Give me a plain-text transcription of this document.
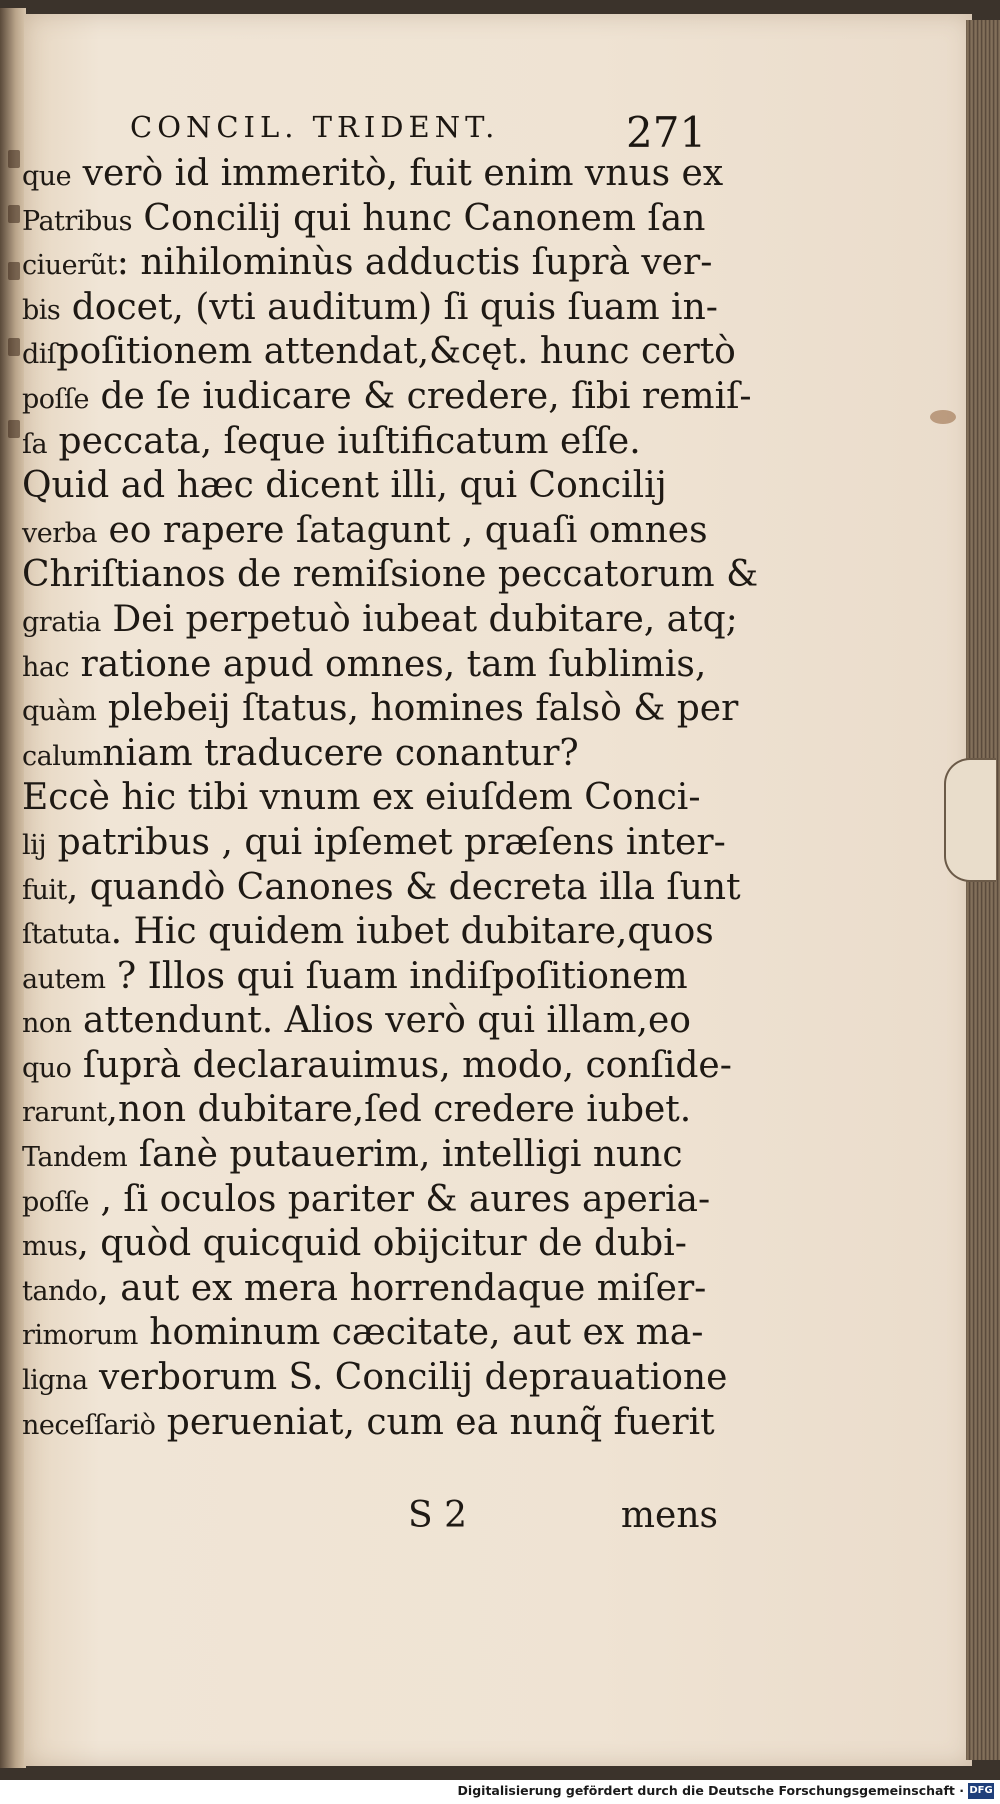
CONCIL. TRIDENT.	271
que verò id immeritò, fuit enim vnus ex
Patribus Concilij qui hunc Canonem ſan
ciuerũt: nihilominùs adductis ſuprà ver-
bis docet, (vti auditum) ſi quis ſuam in-
diſpoſitionem attendat,&cęt. hunc certò
poſſe de ſe iudicare & credere, ſibi remiſ-
ſa peccata, ſeque iuſtificatum eſſe.
Quid ad hæc dicent illi, qui Concilij
verba eo rapere ſatagunt , quaſi omnes
Chriſtianos de remiſsione peccatorum &
gratia Dei perpetuò iubeat dubitare, atq;
hac ratione apud omnes, tam ſublimis,
quàm plebeij ſtatus, homines falsò & per
calumniam traducere conantur?
Eccè hic tibi vnum ex eiuſdem Conci-
lij patribus , qui ipſemet præſens inter-
fuit, quandò Canones & decreta illa ſunt
ſtatuta. Hic quidem iubet dubitare,quos
autem ? Illos qui ſuam indiſpoſitionem
non attendunt. Alios verò qui illam,eo
quo ſuprà declarauimus, modo, conſide-
rarunt,non dubitare,ſed credere iubet.
Tandem ſanè putauerim, intelligi nunc
poſſe , ſi oculos pariter & aures aperia-
mus, quòd quicquid obijcitur de dubi-
tando, aut ex mera horrendaque miſer-
rimorum hominum cæcitate, aut ex ma-
ligna verborum S. Concilij deprauatione
neceſſariò perueniat, cum ea nunq̃ fuerit
S 2	mens
Digitalisierung gefördert durch die Deutsche Forschungsgemeinschaft · DFG
